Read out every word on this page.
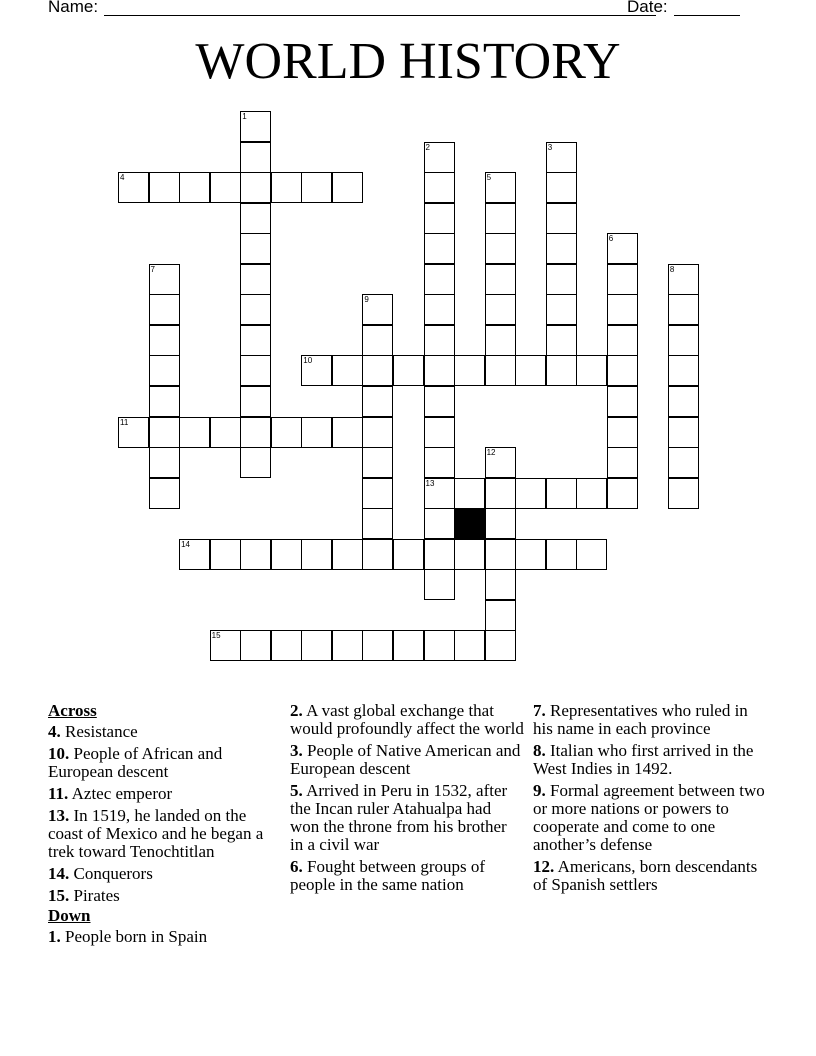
Name:	Date:
WORLD HISTORY
1
2
13
3
4	5
6
7	8
9
10
11
12
14
15
Across
4. Resistance
10. People of African and European descent
11. Aztec emperor
13. In 1519, he landed on the coast of Mexico and he began a trek toward Tenochtitlan
14. Conquerors
15. Pirates
Down
1. People born in Spain
2. A vast global exchange that would profoundly affect the world
3. People of Native American and European descent
5. Arrived in Peru in 1532, after the Incan ruler Atahualpa had won the throne from his brother in a civil war
6. Fought between groups of people in the same nation
7. Representatives who ruled in his name in each province
8. Italian who first arrived in the West Indies in 1492.
9. Formal agreement between two or more nations or powers to cooperate and come to one another’s defense
12. Americans, born descendants of Spanish settlers
